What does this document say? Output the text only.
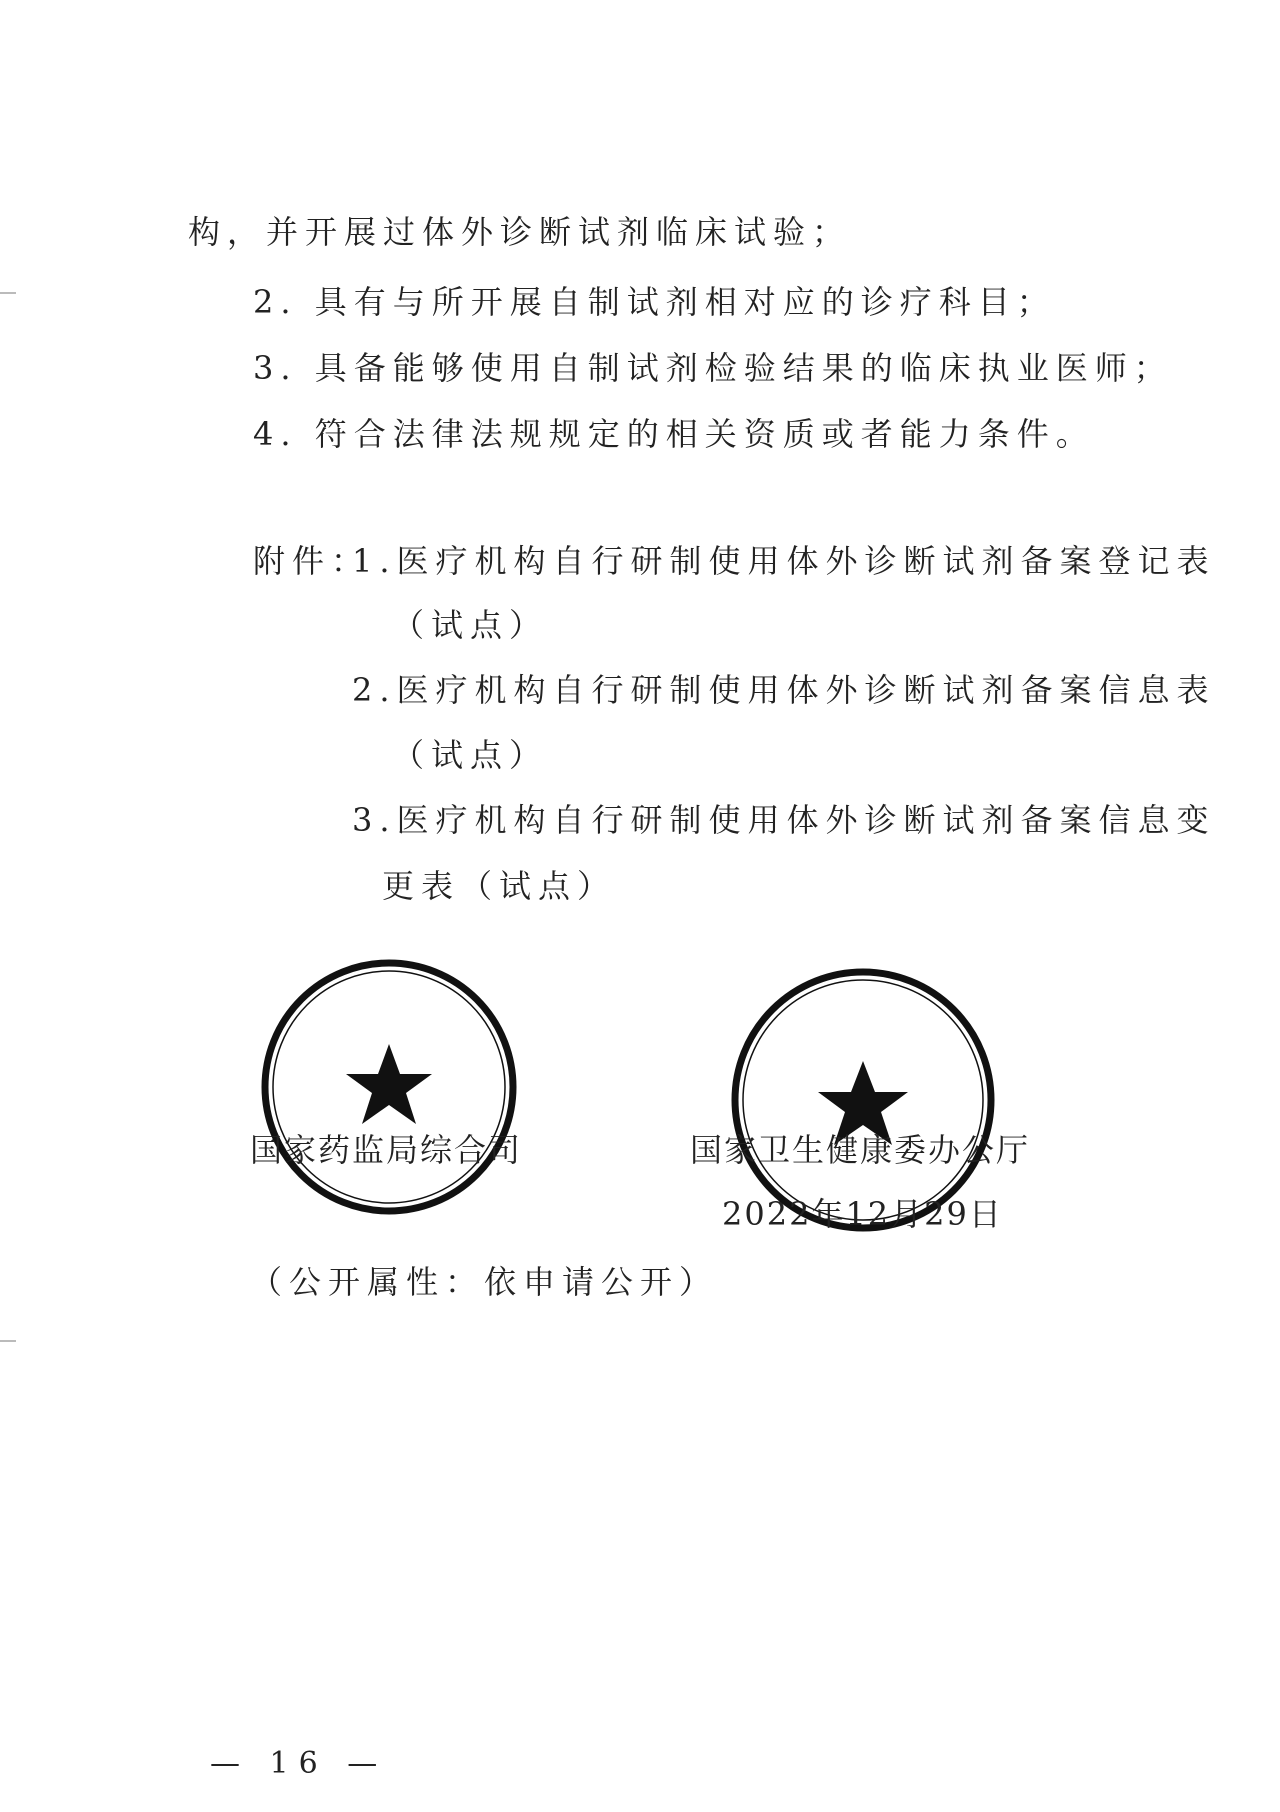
构，并开展过体外诊断试剂临床试验；
2. 具有与所开展自制试剂相对应的诊疗科目；
3. 具备能够使用自制试剂检验结果的临床执业医师；
4. 符合法律法规规定的相关资质或者能力条件。
附件：
1.医疗机构自行研制使用体外诊断试剂备案登记表
（试点）
2.医疗机构自行研制使用体外诊断试剂备案信息表
（试点）
3.医疗机构自行研制使用体外诊断试剂备案信息变
更表（试点）
国家药监局综合司	国家卫生健康委办公厅
2022年12月29日
（公开属性：依申请公开）
— 16 —
